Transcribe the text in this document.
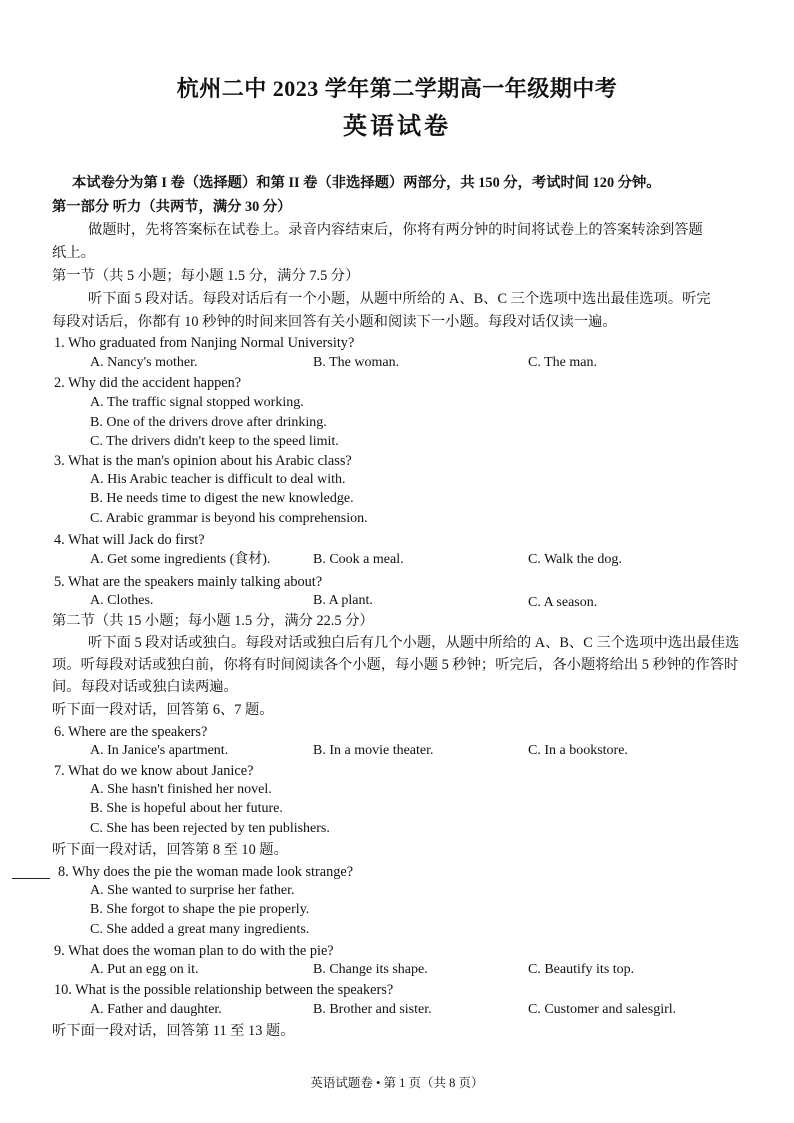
杭州二中 2023 学年第二学期高一年级期中考
英语试卷
本试卷分为第 I 卷（选择题）和第 II 卷（非选择题）两部分，共 150 分，考试时间 120 分钟。
第一部分 听力（共两节，满分 30 分）
做题时，先将答案标在试卷上。录音内容结束后，你将有两分钟的时间将试卷上的答案转涂到答题
纸上。
第一节（共 5 小题；每小题 1.5 分，满分 7.5 分）
听下面 5 段对话。每段对话后有一个小题，从题中所给的 A、B、C 三个选项中选出最佳选项。听完
每段对话后，你都有 10 秒钟的时间来回答有关小题和阅读下一小题。每段对话仅读一遍。
1. Who graduated from Nanjing Normal University?
A. Nancy's mother.	B. The woman.	C. The man.
2. Why did the accident happen?
A. The traffic signal stopped working.
B. One of the drivers drove after drinking.
C. The drivers didn't keep to the speed limit.
3. What is the man's opinion about his Arabic class?
A. His Arabic teacher is difficult to deal with.
B. He needs time to digest the new knowledge.
C. Arabic grammar is beyond his comprehension.
4. What will Jack do first?
A. Get some ingredients (食材).	B. Cook a meal.	C. Walk the dog.
5. What are the speakers mainly talking about?
A. Clothes.	B. A plant.	C. A season.
第二节（共 15 小题；每小题 1.5 分，满分 22.5 分）
听下面 5 段对话或独白。每段对话或独白后有几个小题，从题中所给的 A、B、C 三个选项中选出最佳选项。听每段对话或独白前，你将有时间阅读各个小题，每小题 5 秒钟；听完后，各小题将给出 5 秒钟的作答时间。每段对话或独白读两遍。
听下面一段对话，回答第 6、7 题。
6. Where are the speakers?
A. In Janice's apartment.	B. In a movie theater.	C. In a bookstore.
7. What do we know about Janice?
A. She hasn't finished her novel.
B. She is hopeful about her future.
C. She has been rejected by ten publishers.
听下面一段对话，回答第 8 至 10 题。
8. Why does the pie the woman made look strange?
A. She wanted to surprise her father.
B. She forgot to shape the pie properly.
C. She added a great many ingredients.
9. What does the woman plan to do with the pie?
A. Put an egg on it.	B. Change its shape.	C. Beautify its top.
10. What is the possible relationship between the speakers?
A. Father and daughter.	B. Brother and sister.	C. Customer and salesgirl.
听下面一段对话，回答第 11 至 13 题。
英语试题卷 • 第 1 页（共 8 页）
